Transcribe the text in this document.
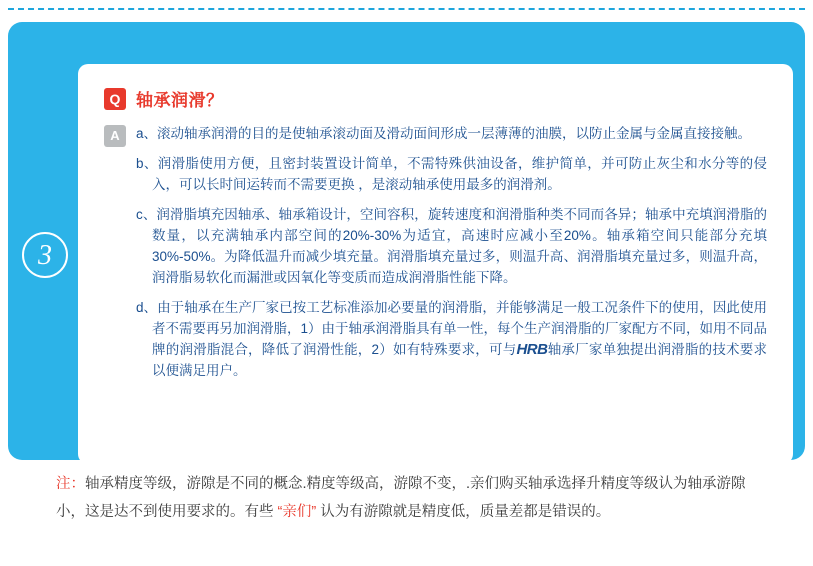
3
Q 轴承润滑？
A	a、滚动轴承润滑的目的是使轴承滚动面及滑动面间形成一层薄薄的油膜，以防止金属与金属直接接触。

b、润滑脂使用方便，且密封装置设计简单，不需特殊供油设备，维护简单，并可防止灰尘和水分等的侵入，可以长时间运转而不需要更换 ，是滚动轴承使用最多的润滑剂。

c、润滑脂填充因轴承、轴承箱设计，空间容积，旋转速度和润滑脂种类不同而各异；轴承中充填润滑脂的数量，以充满轴承内部空间的20%-30%为适宜，高速时应减小至20%。轴承箱空间只能部分充填30%-50%。为降低温升而减少填充量。润滑脂填充量过多，则温升高、润滑脂填充量过多，则温升高，润滑脂易软化而漏泄或因氧化等变质而造成润滑脂性能下降。

d、由于轴承在生产厂家已按工艺标准添加必要量的润滑脂，并能够满足一般工况条件下的使用，因此使用者不需要再另加润滑脂，1）由于轴承润滑脂具有单一性，每个生产润滑脂的厂家配方不同，如用不同品牌的润滑脂混合，降低了润滑性能，2）如有特殊要求，可与HRB轴承厂家单独提出润滑脂的技术要求以便满足用户。

HRB 旗舰店
注：轴承精度等级，游隙是不同的概念.精度等级高，游隙不变，.亲们购买轴承选择升精度等级认为轴承游隙小，这是达不到使用要求的。有些 “亲们” 认为有游隙就是精度低，质量差都是错误的。
